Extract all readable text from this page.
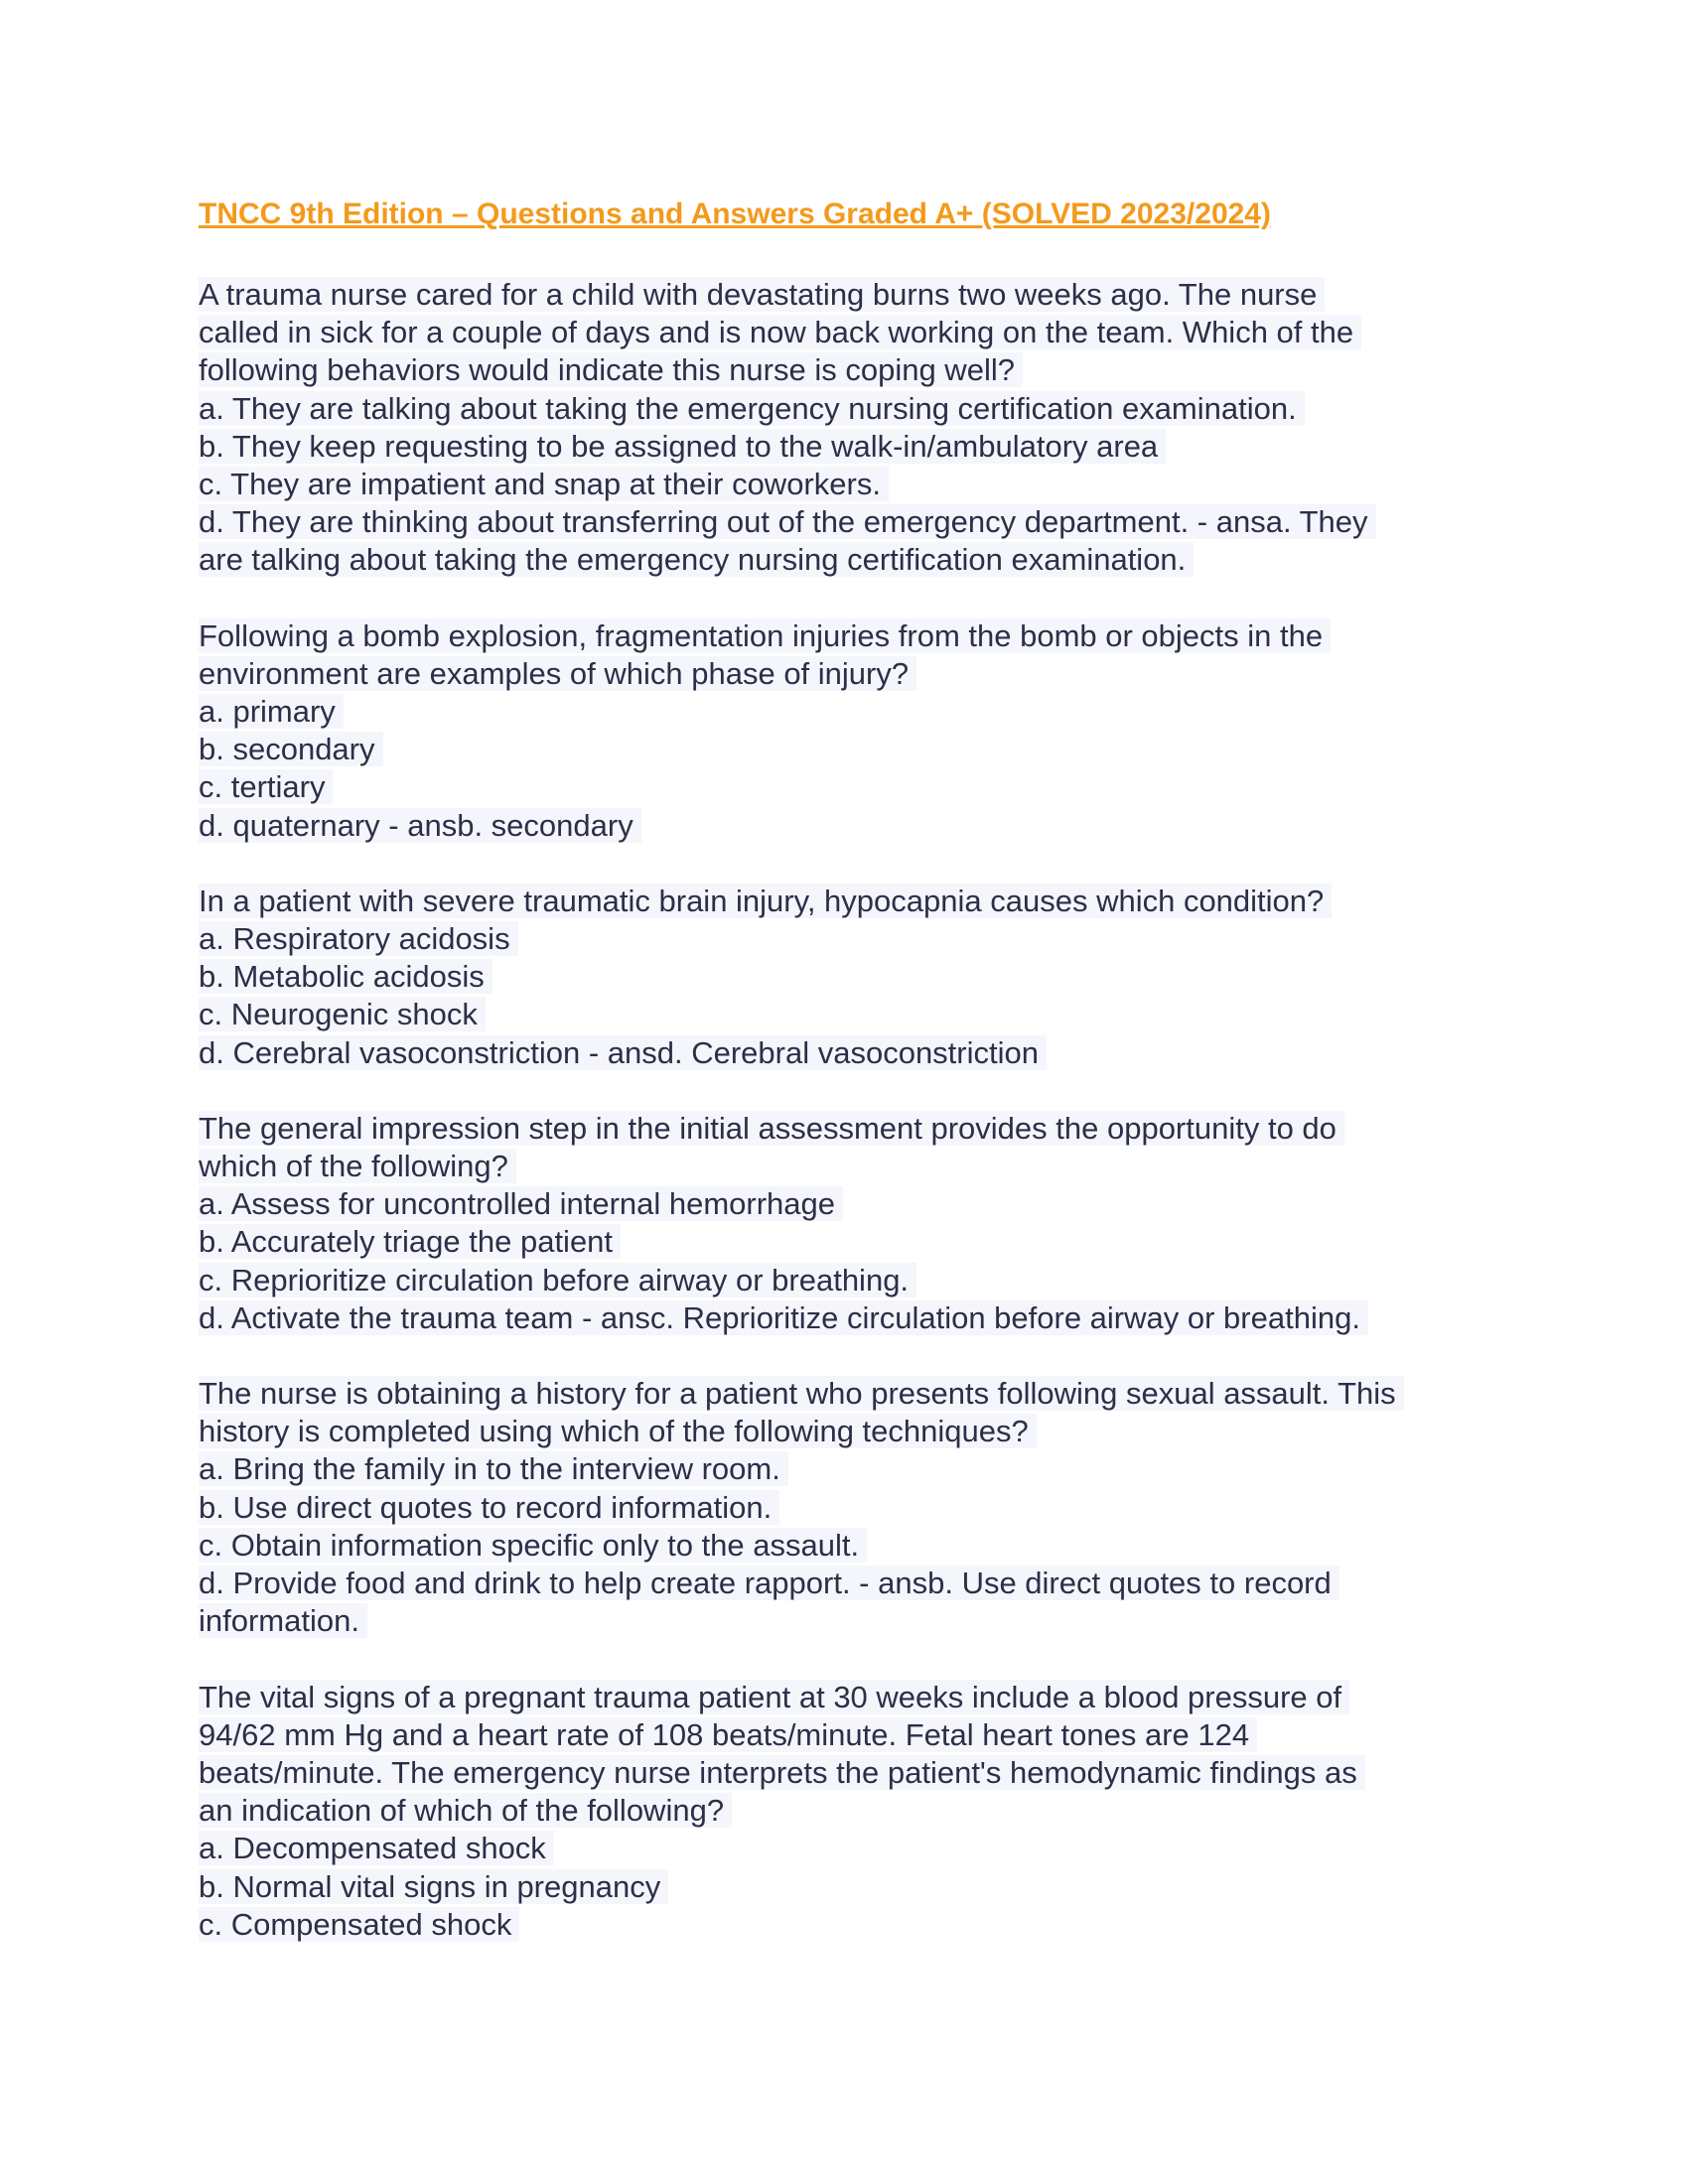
TNCC 9th Edition – Questions and Answers Graded A+ (SOLVED 2023/2024)
A trauma nurse cared for a child with devastating burns two weeks ago. The nurse
called in sick for a couple of days and is now back working on the team. Which of the
following behaviors would indicate this nurse is coping well?
a. They are talking about taking the emergency nursing certification examination.
b. They keep requesting to be assigned to the walk-in/ambulatory area
c. They are impatient and snap at their coworkers.
d. They are thinking about transferring out of the emergency department. - ansa. They
are talking about taking the emergency nursing certification examination.
Following a bomb explosion, fragmentation injuries from the bomb or objects in the
environment are examples of which phase of injury?
a. primary
b. secondary
c. tertiary
d. quaternary - ansb. secondary
In a patient with severe traumatic brain injury, hypocapnia causes which condition?
a. Respiratory acidosis
b. Metabolic acidosis
c. Neurogenic shock
d. Cerebral vasoconstriction - ansd. Cerebral vasoconstriction
The general impression step in the initial assessment provides the opportunity to do
which of the following?
a. Assess for uncontrolled internal hemorrhage
b. Accurately triage the patient
c. Reprioritize circulation before airway or breathing.
d. Activate the trauma team - ansc. Reprioritize circulation before airway or breathing.
The nurse is obtaining a history for a patient who presents following sexual assault. This
history is completed using which of the following techniques?
a. Bring the family in to the interview room.
b. Use direct quotes to record information.
c. Obtain information specific only to the assault.
d. Provide food and drink to help create rapport. - ansb. Use direct quotes to record
information.
The vital signs of a pregnant trauma patient at 30 weeks include a blood pressure of
94/62 mm Hg and a heart rate of 108 beats/minute. Fetal heart tones are 124
beats/minute. The emergency nurse interprets the patient's hemodynamic findings as
an indication of which of the following?
a. Decompensated shock
b. Normal vital signs in pregnancy
c. Compensated shock
